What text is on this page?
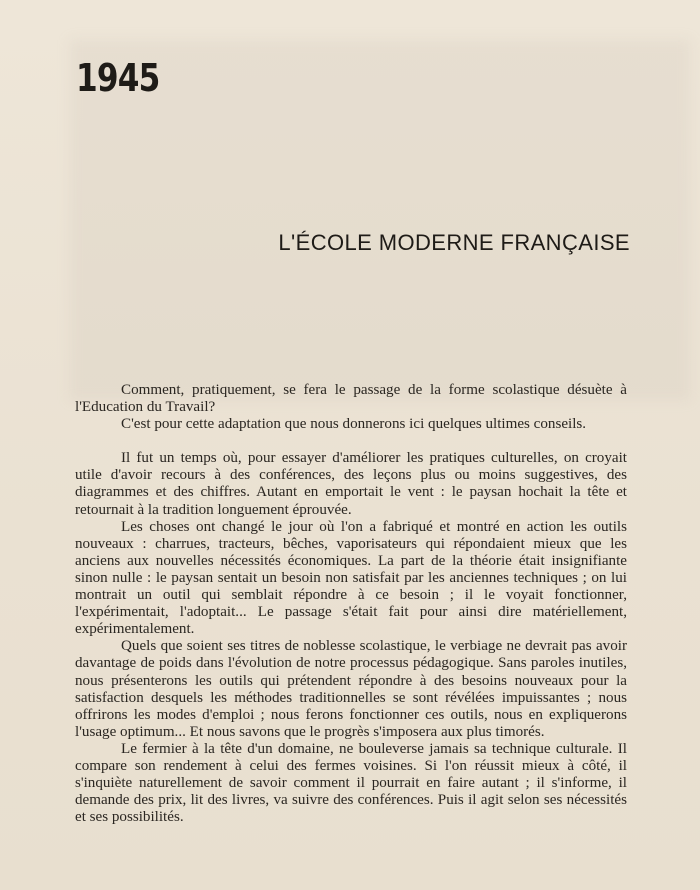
1945
L'ÉCOLE MODERNE FRANÇAISE

Comment, pratiquement, se fera le passage de la forme scolastique désuète à l'Education du Travail?

C'est pour cette adaptation que nous donnerons ici quelques ultimes conseils.

Il fut un temps où, pour essayer d'améliorer les pratiques culturelles, on croyait utile d'avoir recours à des conférences, des leçons plus ou moins suggestives, des diagrammes et des chiffres. Autant en emportait le vent : le paysan hochait la tête et retournait à la tradition longuement éprouvée.

Les choses ont changé le jour où l'on a fabriqué et montré en action les outils nouveaux : charrues, tracteurs, bêches, vaporisateurs qui répondaient mieux que les anciens aux nouvelles nécessités économiques. La part de la théorie était insignifiante sinon nulle : le paysan sentait un besoin non satisfait par les anciennes techniques ; on lui montrait un outil qui semblait répondre à ce besoin ; il le voyait fonctionner, l'expérimentait, l'adoptait... Le passage s'était fait pour ainsi dire matériellement, expérimentalement.

Quels que soient ses titres de noblesse scolastique, le verbiage ne devrait pas avoir davantage de poids dans l'évolution de notre processus pédagogique. Sans paroles inutiles, nous présenterons les outils qui prétendent répondre à des besoins nouveaux pour la satisfaction desquels les méthodes traditionnelles se sont révélées impuissantes ; nous offrirons les modes d'emploi ; nous ferons fonctionner ces outils, nous en expliquerons l'usage optimum... Et nous savons que le progrès s'imposera aux plus timorés.

Le fermier à la tête d'un domaine, ne bouleverse jamais sa technique culturale. Il compare son rendement à celui des fermes voisines. Si l'on réussit mieux à côté, il s'inquiète naturellement de savoir comment il pourrait en faire autant ; il s'informe, il demande des prix, lit des livres, va suivre des conférences. Puis il agit selon ses nécessités et ses possibilités.
